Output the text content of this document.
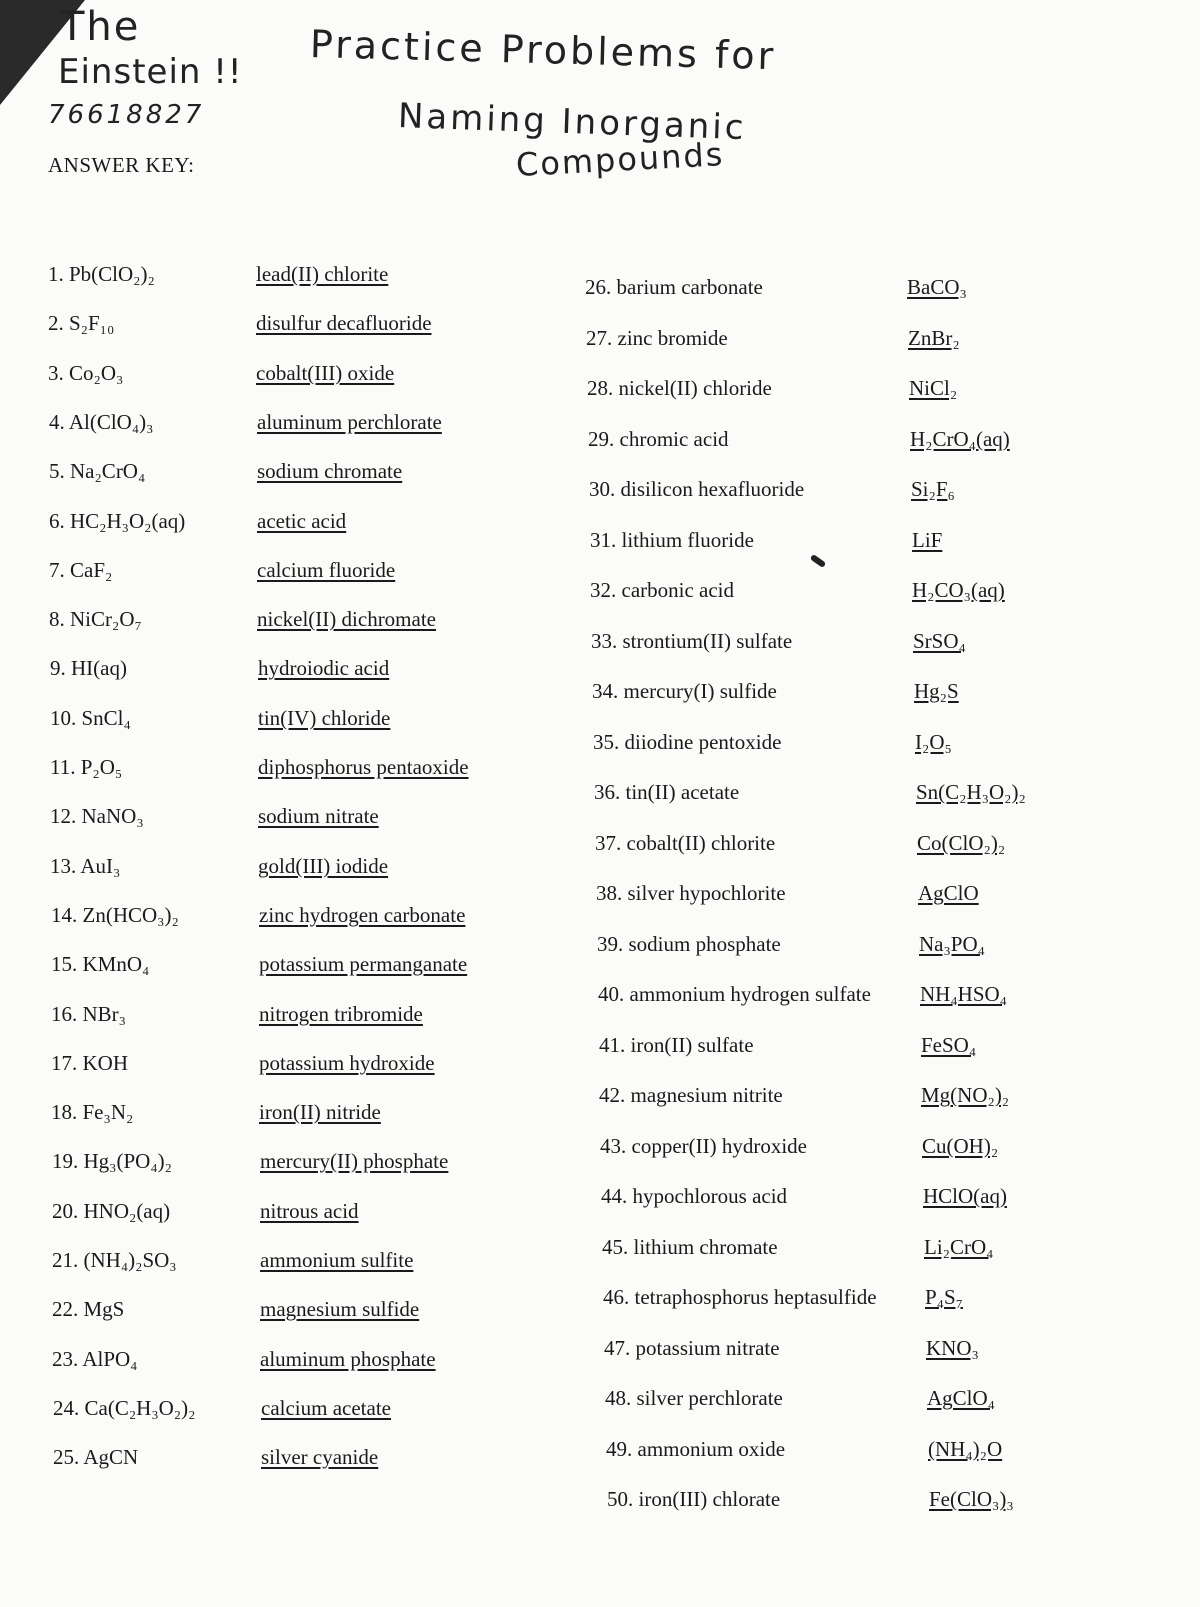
The
Einstein !!
76618827
Practice Problems for
Naming Inorganic
Compounds
ANSWER KEY:
1. Pb(ClO₂)₂	lead(II) chlorite
2. S₂F₁₀	disulfur decafluoride
3. Co₂O₃	cobalt(III) oxide
4. Al(ClO₄)₃	aluminum perchlorate
5. Na₂CrO₄	sodium chromate
6. HC₂H₃O₂(aq)	acetic acid
7. CaF₂	calcium fluoride
8. NiCr₂O₇	nickel(II) dichromate
9. HI(aq)	hydroiodic acid
10. SnCl₄	tin(IV) chloride
11. P₂O₅	diphosphorus pentaoxide
12. NaNO₃	sodium nitrate
13. AuI₃	gold(III) iodide
14. Zn(HCO₃)₂	zinc hydrogen carbonate
15. KMnO₄	potassium permanganate
16. NBr₃	nitrogen tribromide
17. KOH	potassium hydroxide
18. Fe₃N₂	iron(II) nitride
19. Hg₃(PO₄)₂	mercury(II) phosphate
20. HNO₂(aq)	nitrous acid
21. (NH₄)₂SO₃	ammonium sulfite
22. MgS	magnesium sulfide
23. AlPO₄	aluminum phosphate
24. Ca(C₂H₃O₂)₂	calcium acetate
25. AgCN	silver cyanide
26. barium carbonate	BaCO₃
27. zinc bromide	ZnBr₂
28. nickel(II) chloride	NiCl₂
29. chromic acid	H₂CrO₄(aq)
30. disilicon hexafluoride	Si₂F₆
31. lithium fluoride	LiF
32. carbonic acid	H₂CO₃(aq)
33. strontium(II) sulfate	SrSO₄
34. mercury(I) sulfide	Hg₂S
35. diiodine pentoxide	I₂O₅
36. tin(II) acetate	Sn(C₂H₃O₂)₂
37. cobalt(II) chlorite	Co(ClO₂)₂
38. silver hypochlorite	AgClO
39. sodium phosphate	Na₃PO₄
40. ammonium hydrogen sulfate NH₄HSO₄
41. iron(II) sulfate	FeSO₄
42. magnesium nitrite	Mg(NO₂)₂
43. copper(II) hydroxide	Cu(OH)₂
44. hypochlorous acid	HClO(aq)
45. lithium chromate	Li₂CrO₄
46. tetraphosphorus heptasulfide P₄S₇
47. potassium nitrate	KNO₃
48. silver perchlorate	AgClO₄
49. ammonium oxide	(NH₄)₂O
50. iron(III) chlorate	Fe(ClO₃)₃
